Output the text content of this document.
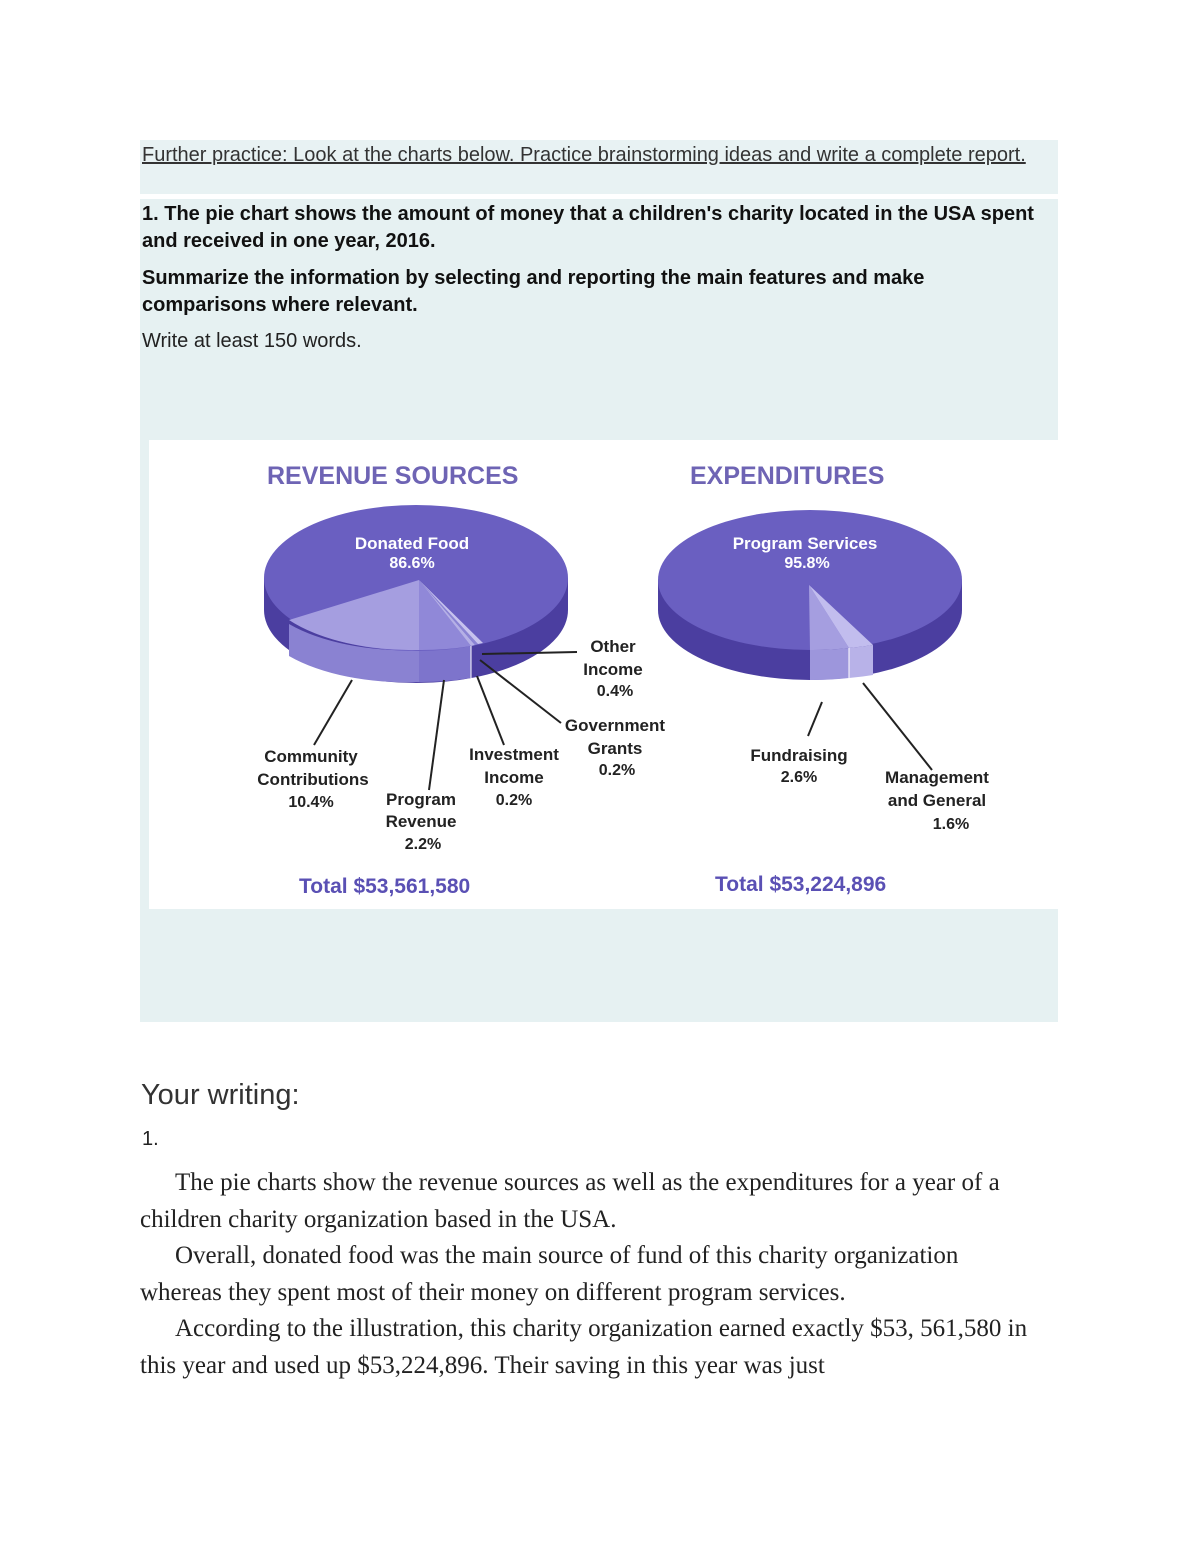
Further practice: Look at the charts below. Practice brainstorming ideas and write a complete report.

1. The pie chart shows the amount of money that a children's charity located in the USA spent and received in one year, 2016.

Summarize the information by selecting and reporting the main features and make comparisons where relevant.

Write at least 150 words.

REVENUE SOURCES
Donated Food
86.6%
Community
Contributions
10.4%	Program
Revenue
2.2%
Investment
Income
0.2%
Government
Grants
0.2%
Other
Income
0.4%
Total $53,561,580
EXPENDITURES
Program Services
95.8%
Fundraising
2.6%	Management
and General
1.6%
Total $53,224,896
Your writing:

1.

The pie charts show the revenue sources as well as the expenditures for a year of a children charity organization based in the USA.

Overall, donated food was the main source of fund of this charity organization whereas they spent most of their money on different program services.

According to the illustration, this charity organization earned exactly $53, 561,580 in this year and used up $53,224,896. Their saving in this year was just
